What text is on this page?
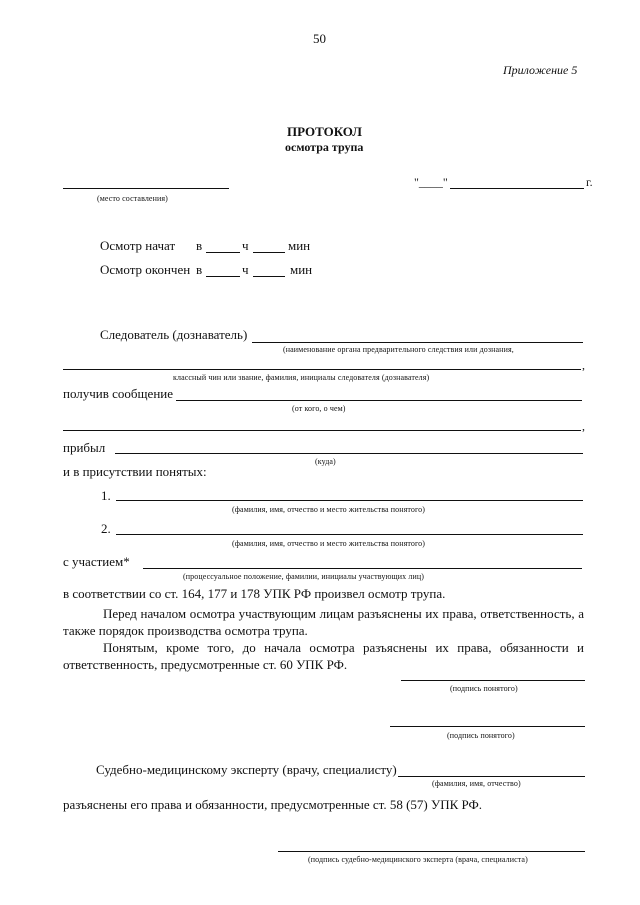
50
Приложение 5
ПРОТОКОЛ
осмотра трупа
(место составления)
"____"	г.
Осмотр начат в	ч	мин
Осмотр окончен в	ч	мин
Следователь (дознаватель)
(наименование органа предварительного следствия или дознания,
,
классный чин или звание, фамилия, инициалы следователя (дознавателя)
получив сообщение
(от кого, о чем)
,
прибыл
(куда)
и в присутствии понятых:
1.
(фамилия, имя, отчество и место жительства понятого)
2.
(фамилия, имя, отчество и место жительства понятого)
с участием*
(процессуальное положение, фамилии, инициалы участвующих лиц)
в соответствии со ст. 164, 177 и 178 УПК РФ произвел осмотр трупа.
Перед началом осмотра участвующим лицам разъяснены их права, ответственность, а также порядок производства осмотра трупа.
Понятым, кроме того, до начала осмотра разъяснены их права, обязанности и ответственность, предусмотренные ст. 60 УПК РФ.
(подпись понятого)
(подпись понятого)
Судебно-медицинскому эксперту (врачу, специалисту)
(фамилия, имя, отчество)
разъяснены его права и обязанности, предусмотренные ст. 58 (57) УПК РФ.
(подпись судебно-медицинского эксперта (врача, специалиста)
